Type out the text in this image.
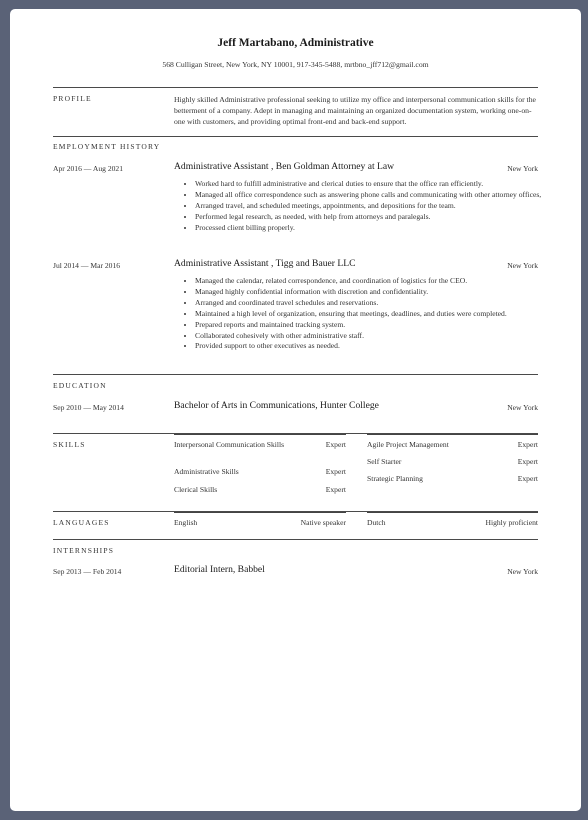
Jeff Martabano, Administrative
568 Culligan Street, New York, NY 10001, 917-345-5488, mrtbno_jff712@gmail.com
PROFILE	Highly skilled Administrative professional seeking to utilize my office and interpersonal communication skills for the betterment of a company. Adept in managing and maintaining an organized documentation system, working one-on-one with customers, and providing optimal front-end and back-end support.
EMPLOYMENT HISTORY
Apr 2016 — Aug 2021	Administrative Assistant , Ben Goldman Attorney at Law	New York
• Worked hard to fulfill administrative and clerical duties to ensure that the office ran efficiently.
• Managed all office correspondence such as answering phone calls and communicating with other attorney offices,
• Arranged travel, and scheduled meetings, appointments, and depositions for the team.
• Performed legal research, as needed, with help from attorneys and paralegals.
• Processed client billing properly.
Jul 2014 — Mar 2016	Administrative Assistant , Tigg and Bauer LLC	New York
• Managed the calendar, related correspondence, and coordination of logistics for the CEO.
• Managed highly confidential information with discretion and confidentiality.
• Arranged and coordinated travel schedules and reservations.
• Maintained a high level of organization, ensuring that meetings, deadlines, and duties were completed.
• Prepared reports and maintained tracking system.
• Collaborated cohesively with other administrative staff.
• Provided support to other executives as needed.
EDUCATION
Sep 2010 — May 2014	Bachelor of Arts in Communications, Hunter College	New York
SKILLS	Interpersonal Communication Skills	Expert
Administrative Skills	Expert
Clerical Skills	Expert
Agile Project Management	Expert
Self Starter	Expert
Strategic Planning	Expert
LANGUAGES	English	Native speaker	Dutch	Highly proficient
INTERNSHIPS
Sep 2013 — Feb 2014	Editorial Intern, Babbel	New York
